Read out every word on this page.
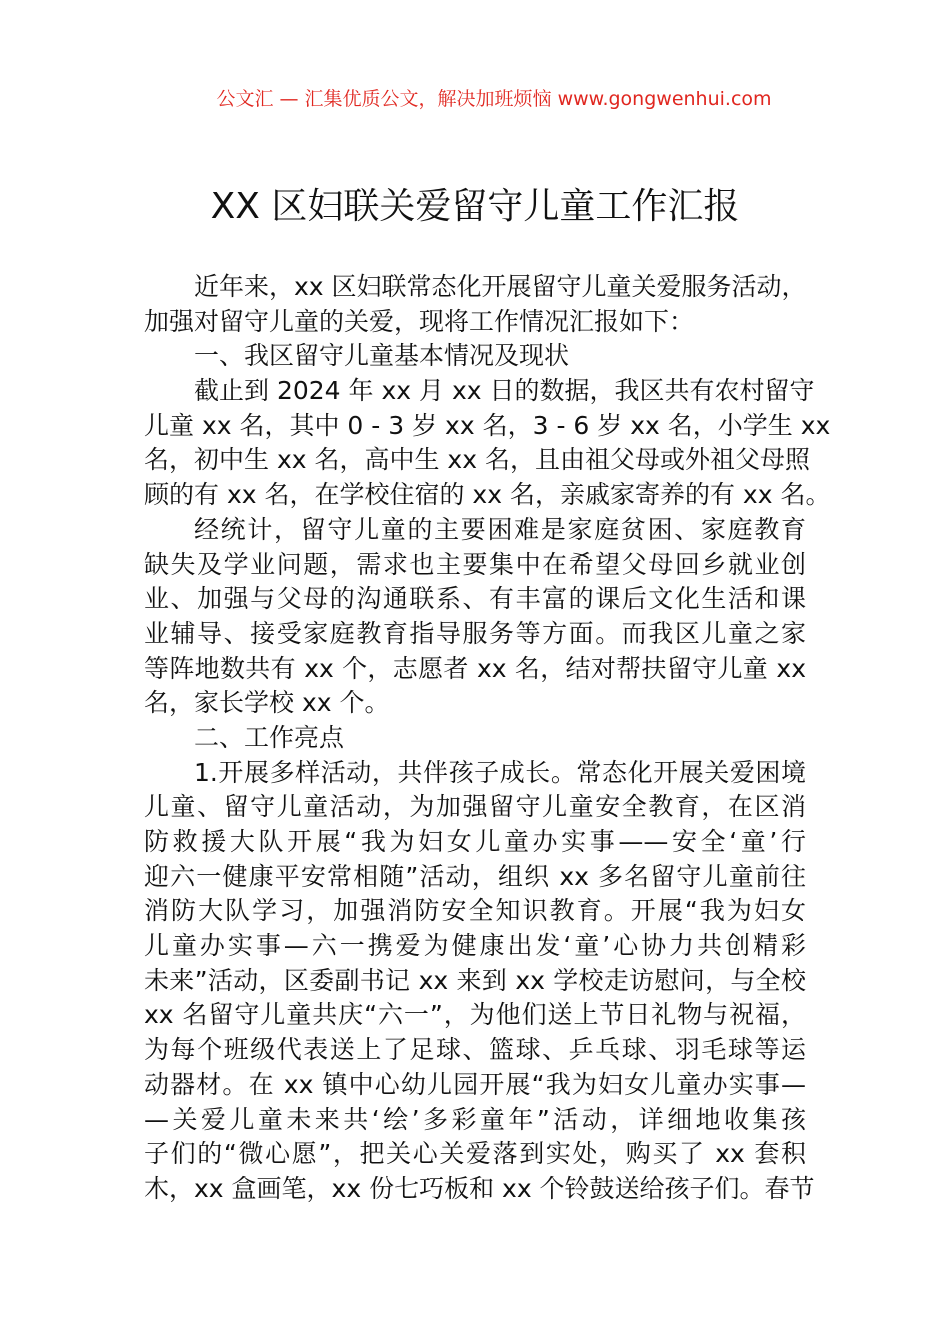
公文汇 — 汇集优质公文，解决加班烦恼 www.gongwenhui.com
XX 区妇联关爱留守儿童工作汇报
近年来，xx 区妇联常态化开展留守儿童关爱服务活动，
加强对留守儿童的关爱，现将工作情况汇报如下：
一、我区留守儿童基本情况及现状
截止到 2024 年 xx 月 xx 日的数据，我区共有农村留守
儿童 xx 名，其中 0 - 3 岁 xx 名，3 - 6 岁 xx 名，小学生 xx
名，初中生 xx 名，高中生 xx 名，且由祖父母或外祖父母照
顾的有 xx 名，在学校住宿的 xx 名，亲戚家寄养的有 xx 名。
经统计，留守儿童的主要困难是家庭贫困、家庭教育
缺失及学业问题，需求也主要集中在希望父母回乡就业创
业、加强与父母的沟通联系、有丰富的课后文化生活和课
业辅导、接受家庭教育指导服务等方面。而我区儿童之家
等阵地数共有 xx 个，志愿者 xx 名，结对帮扶留守儿童 xx
名，家长学校 xx 个。
二、工作亮点
1.开展多样活动，共伴孩子成长。常态化开展关爱困境
儿童、留守儿童活动，为加强留守儿童安全教育，在区消
防救援大队开展“我为妇女儿童办实事——安全‘童’行
迎六一健康平安常相随”活动，组织 xx 多名留守儿童前往
消防大队学习，加强消防安全知识教育。开展“我为妇女
儿童办实事—六一携爱为健康出发‘童’心协力共创精彩
未来”活动，区委副书记 xx 来到 xx 学校走访慰问，与全校
xx 名留守儿童共庆“六一”，为他们送上节日礼物与祝福，
为每个班级代表送上了足球、篮球、乒乓球、羽毛球等运
动器材。在 xx 镇中心幼儿园开展“我为妇女儿童办实事—
—关爱儿童未来共‘绘’多彩童年”活动，详细地收集孩
子们的“微心愿”，把关心关爱落到实处，购买了 xx 套积
木，xx 盒画笔，xx 份七巧板和 xx 个铃鼓送给孩子们。春节
